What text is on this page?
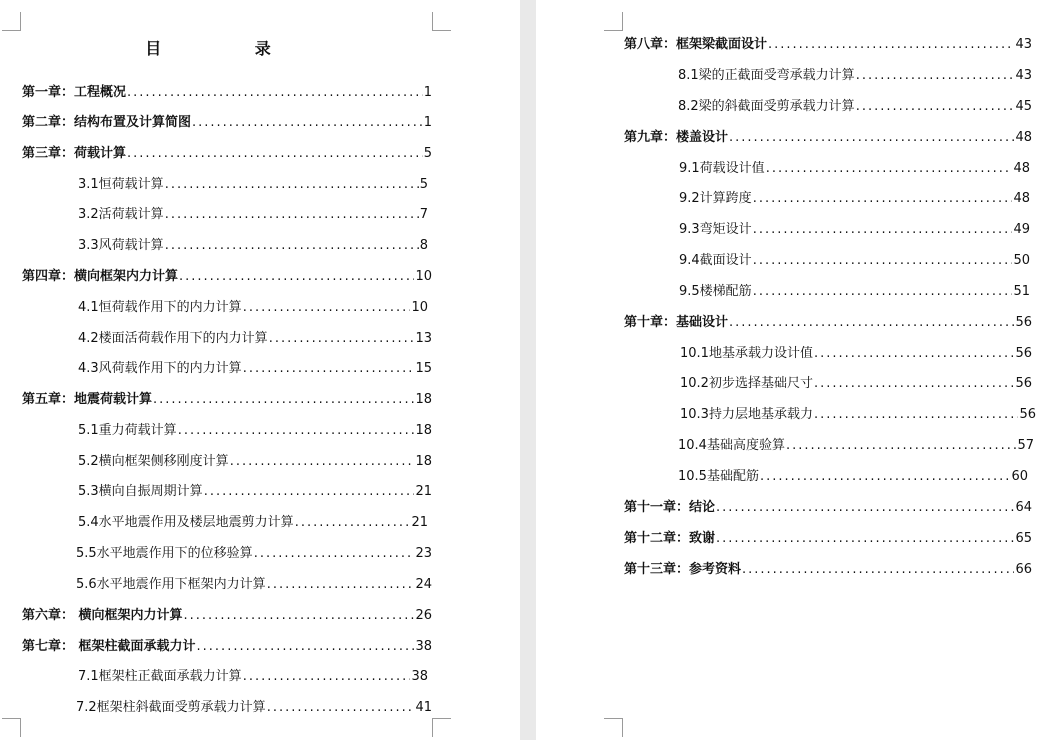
目 录
第一章：工程概况 .....	1
第二章：结构布置及计算简图 .....	1
第三章：荷载计算 .....	5
3.1恒荷载计算 .....	5
3.2活荷载计算 .....	7
3.3风荷载计算 .....	8
第四章：横向框架内力计算 .....	10
4.1恒荷载作用下的内力计算 .....	10
4.2楼面活荷载作用下的内力计算 .....	13
4.3风荷载作用下的内力计算 .....	15
第五章：地震荷载计算 .....	18
5.1重力荷载计算 .....	18
5.2横向框架侧移刚度计算 .....	18
5.3横向自振周期计算 .....	21
5.4水平地震作用及楼层地震剪力计算 .....	21
5.5水平地震作用下的位移验算 .....	23
5.6水平地震作用下框架内力计算 .....	24
第六章： 横向框架内力计算 .....	26
第七章： 框架柱截面承载力计 .....	38
7.1框架柱正截面承载力计算 .....	38
7.2框架柱斜截面受剪承载力计算 .....	41
第八章：框架梁截面设计 .....	43
8.1梁的正截面受弯承载力计算 .....	43
8.2梁的斜截面受剪承载力计算 .....	45
第九章：楼盖设计 .....	48
9.1荷载设计值 .....	48
9.2计算跨度 .....	48
9.3弯矩设计 .....	49
9.4截面设计 .....	50
9.5楼梯配筋 .....	51
第十章：基础设计 .....	56
10.1地基承载力设计值 .....	56
10.2初步选择基础尺寸 .....	56
10.3持力层地基承载力 .....	56
10.4基础高度验算 .....	57
10.5基础配筋 .....	60
第十一章：结论 .....	64
第十二章：致谢 .....	65
第十三章：参考资料 .....	66
